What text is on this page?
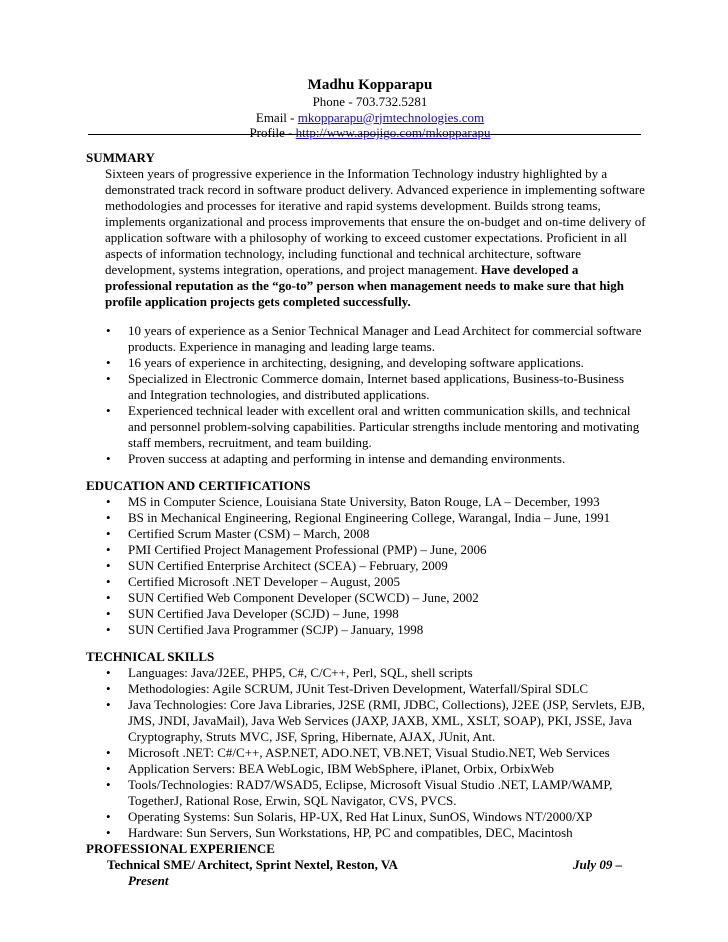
Madhu Kopparapu
Phone - 703.732.5281
Email - mkopparapu@rjmtechnologies.com
Profile - http://www.apojigo.com/mkopparapu
SUMMARY

Sixteen years of progressive experience in the Information Technology industry highlighted by a demonstrated track record in software product delivery. Advanced experience in implementing software methodologies and processes for iterative and rapid systems development. Builds strong teams, implements organizational and process improvements that ensure the on-budget and on-time delivery of application software with a philosophy of working to exceed customer expectations. Proficient in all aspects of information technology, including functional and technical architecture, software development, systems integration, operations, and project management. Have developed a professional reputation as the “go-to” person when management needs to make sure that high profile application projects gets completed successfully.

• 10 years of experience as a Senior Technical Manager and Lead Architect for commercial software products. Experience in managing and leading large teams.
• 16 years of experience in architecting, designing, and developing software applications.
• Specialized in Electronic Commerce domain, Internet based applications, Business-to-Business and Integration technologies, and distributed applications.
• Experienced technical leader with excellent oral and written communication skills, and technical and personnel problem-solving capabilities. Particular strengths include mentoring and motivating staff members, recruitment, and team building.
• Proven success at adapting and performing in intense and demanding environments.
EDUCATION AND CERTIFICATIONS
• MS in Computer Science, Louisiana State University, Baton Rouge, LA – December, 1993
• BS in Mechanical Engineering, Regional Engineering College, Warangal, India – June, 1991
• Certified Scrum Master (CSM) – March, 2008
• PMI Certified Project Management Professional (PMP) – June, 2006
• SUN Certified Enterprise Architect (SCEA) – February, 2009
• Certified Microsoft .NET Developer – August, 2005
• SUN Certified Web Component Developer (SCWCD) – June, 2002
• SUN Certified Java Developer (SCJD) – June, 1998
• SUN Certified Java Programmer (SCJP) – January, 1998
TECHNICAL SKILLS
• Languages: Java/J2EE, PHP5, C#, C/C++, Perl, SQL, shell scripts
• Methodologies: Agile SCRUM, JUnit Test-Driven Development, Waterfall/Spiral SDLC
• Java Technologies: Core Java Libraries, J2SE (RMI, JDBC, Collections), J2EE (JSP, Servlets, EJB, JMS, JNDI, JavaMail), Java Web Services (JAXP, JAXB, XML, XSLT, SOAP), PKI, JSSE, Java Cryptography, Struts MVC, JSF, Spring, Hibernate, AJAX, JUnit, Ant.
• Microsoft .NET: C#/C++, ASP.NET, ADO.NET, VB.NET, Visual Studio.NET, Web Services
• Application Servers: BEA WebLogic, IBM WebSphere, iPlanet, Orbix, OrbixWeb
• Tools/Technologies: RAD7/WSAD5, Eclipse, Microsoft Visual Studio .NET, LAMP/WAMP, TogetherJ, Rational Rose, Erwin, SQL Navigator, CVS, PVCS.
• Operating Systems: Sun Solaris, HP-UX, Red Hat Linux, SunOS, Windows NT/2000/XP
• Hardware: Sun Servers, Sun Workstations, HP, PC and compatibles, DEC, Macintosh
PROFESSIONAL EXPERIENCE
Technical SME/ Architect, Sprint Nextel, Reston, VA	July 09 –
Present
